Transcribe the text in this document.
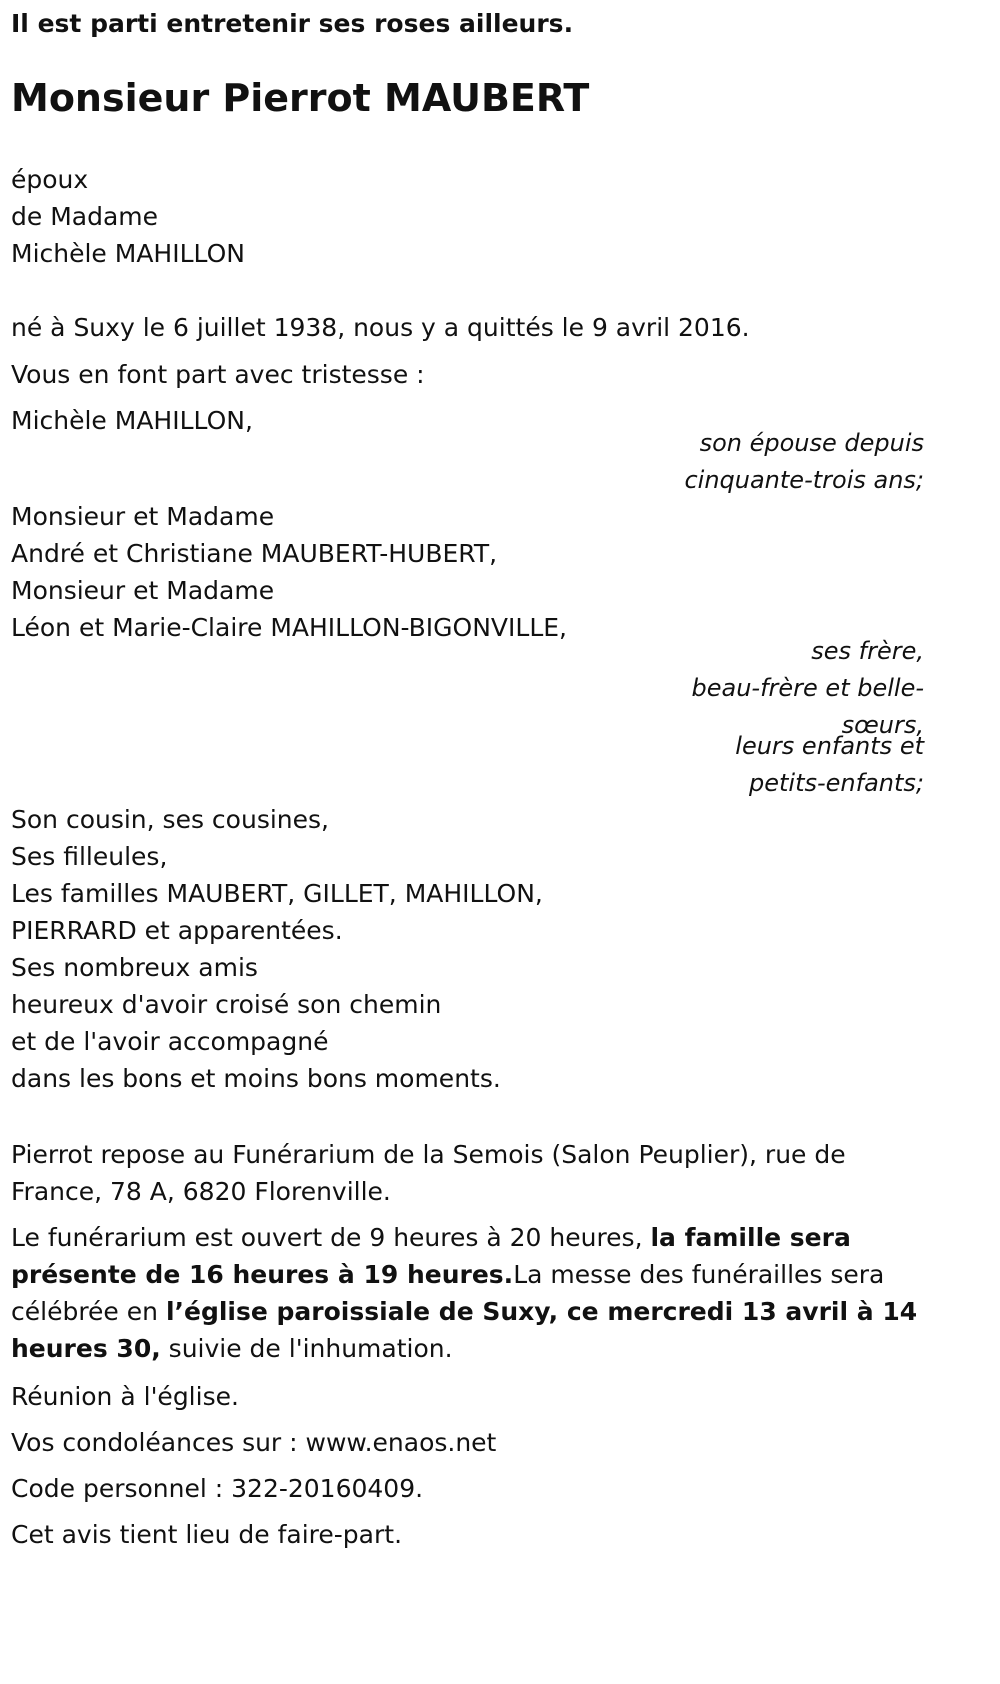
Il est parti entretenir ses roses ailleurs.
Monsieur Pierrot MAUBERT
époux
de Madame
Michèle MAHILLON
né à Suxy le 6 juillet 1938, nous y a quittés le 9 avril 2016.
Vous en font part avec tristesse :
Michèle MAHILLON,
son épouse depuis
cinquante-trois ans;
Monsieur et Madame
André et Christiane MAUBERT-HUBERT,
Monsieur et Madame
Léon et Marie-Claire MAHILLON-BIGONVILLE,
ses frère,
beau-frère et belle-
sœurs,
leurs enfants et
petits-enfants;
Son cousin, ses cousines,
Ses filleules,
Les familles MAUBERT, GILLET, MAHILLON,
PIERRARD et apparentées.
Ses nombreux amis
heureux d'avoir croisé son chemin
et de l'avoir accompagné
dans les bons et moins bons moments.
Pierrot repose au Funérarium de la Semois (Salon Peuplier), rue de
France, 78 A, 6820 Florenville.
Le funérarium est ouvert de 9 heures à 20 heures, la famille sera
présente de 16 heures à 19 heures.La messe des funérailles sera
célébrée en l’église paroissiale de Suxy, ce mercredi 13 avril à 14
heures 30, suivie de l'inhumation.
Réunion à l'église.
Vos condoléances sur : www.enaos.net
Code personnel : 322-20160409.
Cet avis tient lieu de faire-part.
